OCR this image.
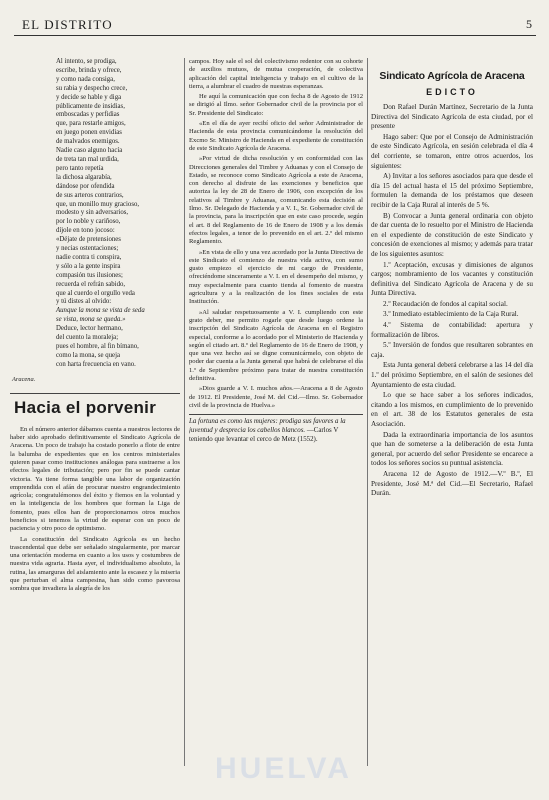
EL DISTRITO	5
Al intento, se prodiga,
escribe, brinda y ofrece,
y como nada consiga,
su rabia y despecho crece,
y decide se hable y diga
públicamente de insidias,
emboscadas y perfidias
que, para restarle amigos,
en juego ponen envidias
de malvados enemigos.
Nadie caso alguno hacía
de treta tan mal urdida,
pero tanto repetía
la dichosa algarabía,
dándose por ofendida
de sus arteros contrarios,
que, un monillo muy gracioso,
modesto y sin adversarios,
por lo noble y cariñoso,
díjole en tono jocoso:
«Déjate de pretensiones
y necias ostentaciones;
nadie contra ti conspira,
y sólo a la gente inspira
compasión tus ilusiones;
recuerda el refrán sabido,
que al cuerdo el orgullo veda
y tú distes al olvido:
Aunque la mona se vista de seda
se vista, mona se queda.»
Deduce, lector hermano,
del cuento la moraleja;
pues el hombre, al fin bímano,
como la mona, se queja
con harta frecuencia en vano.
Aracena.
Hacia el porvenir

En el número anterior dábamos cuenta a nuestros lectores de haber sido aprobado definitivamente el Sindicato Agrícola de Aracena. Un poco de trabajo ha costado ponerlo a flote de entre la balumba de expedientes que en los centros ministeriales quieren pasar como instituciones análogas para sustraerse a los efectos legales de tributación; pero por fin se puede cantar victoria. Ya tiene forma tangible una labor de organización emprendida con el afán de procurar nuestro engrandecimiento agrícola; congratulémonos del éxito y fiemos en la voluntad y en la inteligencia de los hombres que forman la Liga de fomento, pues ellos han de proporcionarnos otros muchos beneficios si tenemos la virtud de esperar con un poco de paciencia y otro poco de optimismo.

La constitución del Sindicato Agrícola es un hecho trascendental que debe ser señalado singularmente, por marcar una orientación moderna en cuanto a los usos y costumbres de nuestra vida agraria. Hasta ayer, el individualismo absoluto, la rutina, las amarguras del aislamiento ante la escasez y la miseria que perturban el alma campesina, han sido como pavorosa sombra que invadiera la alegría de los

campos. Hoy sale el sol del colectivismo redentor con su cohorte de auxilios mutuos, de mutua cooperación, de colectiva aplicación del capital inteligencia y trabajo en el cultivo de la tierra, a alumbrar el cuadro de nuestras esperanzas.

He aquí la comunicación que con fecha 8 de Agosto de 1912 se dirigió al Ilmo. señor Gobernador civil de la provincia por el Sr. Presidente del Sindicato:

«En el día de ayer recibí oficio del señor Administrador de Hacienda de esta provincia comunicándome la resolución del Excmo Sr. Ministro de Hacienda en el expediente de constitución de este Sindicato Agrícola de Aracena.

»Por virtud de dicha resolución y en conformidad con las Direcciones generales del Timbre y Aduanas y con el Consejo de Estado, se reconoce como Sindicato Agrícola a este de Aracena, con derecho al disfrute de las exenciones y beneficios que autoriza la ley de 28 de Enero de 1906, con excepción de los relativos al Timbre y Aduanas, comunicando esta decisión al Ilmo. Sr. Delegado de Hacienda y a V. I., Sr. Gobernador civil de la provincia, para la inscripción que en este caso procede, según el art. 8 del Reglamento de 16 de Enero de 1908 y a los demás efectos legales, a tenor de lo prevenido en el art. 2.º del mismo Reglamento.

»En vista de ello y una vez acordado por la Junta Directiva de este Sindicato el comienzo de nuestra vida activa, con sumo gusto empiezo el ejercicio de mi cargo de Presidente, ofreciéndome sinceramente a V. I. en el desempeño del mismo, y muy especialmente para cuanto tienda al fomento de nuestra agricultura y a la realización de los fines sociales de esta Institución.

»Al saludar respetuosamente a V. I. cumpliendo con este grato deber, me permito rogarle que desde luego ordene la inscripción del Sindicato Agrícola de Aracena en el Registro especial, conforme a lo acordado por el Ministerio de Hacienda y según el citado art. 8.º del Reglamento de 16 de Enero de 1908, y que una vez hecho así se digne comunicármelo, con objeto de poder dar cuenta a la Junta general que habrá de celebrarse el día 1.º de Septiembre próximo para tratar de nuestra constitución definitiva.

»Dios guarde a V. I. muchos años.—Aracena a 8 de Agosto de 1912. El Presidente, José M. del Cid.—Ilmo. Sr. Gobernador civil de la provincia de Huelva.»

La fortuna es como las mujeres: prodiga sus favores a la juventud y desprecia los cabellos blancos. —Carlos V teniendo que levantar el cerco de Metz (1552).
Sindicato Agrícola de Aracena
EDICTO

Don Rafael Durán Martínez, Secretario de la Junta Directiva del Sindicato Agrícola de esta ciudad, por el presente

Hago saber: Que por el Consejo de Administración de este Sindicato Agrícola, en sesión celebrada el día 4 del corriente, se tomaron, entre otros acuerdos, los siguientes:

A) Invitar a los señores asociados para que desde el día 15 del actual hasta el 15 del próximo Septiembre, formulen la demanda de los préstamos que deseen recibir de la Caja Rural al interés de 5 %.

B) Convocar a Junta general ordinaria con objeto de dar cuenta de lo resuelto por el Ministro de Hacienda en el expediente de constitución de este Sindicato y concesión de exenciones al mismo; y además para tratar de los siguientes asuntos:

1.º Aceptación, excusas y dimisiones de algunos cargos; nombramiento de los vacantes y constitución definitiva del Sindicato Agrícola de Aracena y de su Junta Directiva.

2.º Recaudación de fondos al capital social.

3.º Inmediato establecimiento de la Caja Rural.

4.º Sistema de contabilidad: apertura y formalización de libros.

5.º Inversión de fondos que resultaren sobrantes en caja.

Esta Junta general deberá celebrarse a las 14 del día 1.º del próximo Septiembre, en el salón de sesiones del Ayuntamiento de esta ciudad.

Lo que se hace saber a los señores indicados, citando a los mismos, en cumplimiento de lo prevenido en el art. 38 de los Estatutos generales de esta Asociación.

Dada la extraordinaria importancia de los asuntos que han de someterse a la deliberación de esta Junta general, por acuerdo del señor Presidente se encarece a todos los señores socios su puntual asistencia.

Aracena 12 de Agosto de 1912.—V.º B.º, El Presidente, José M.ª del Cid.—El Secretario, Rafael Durán.

HUELVA
